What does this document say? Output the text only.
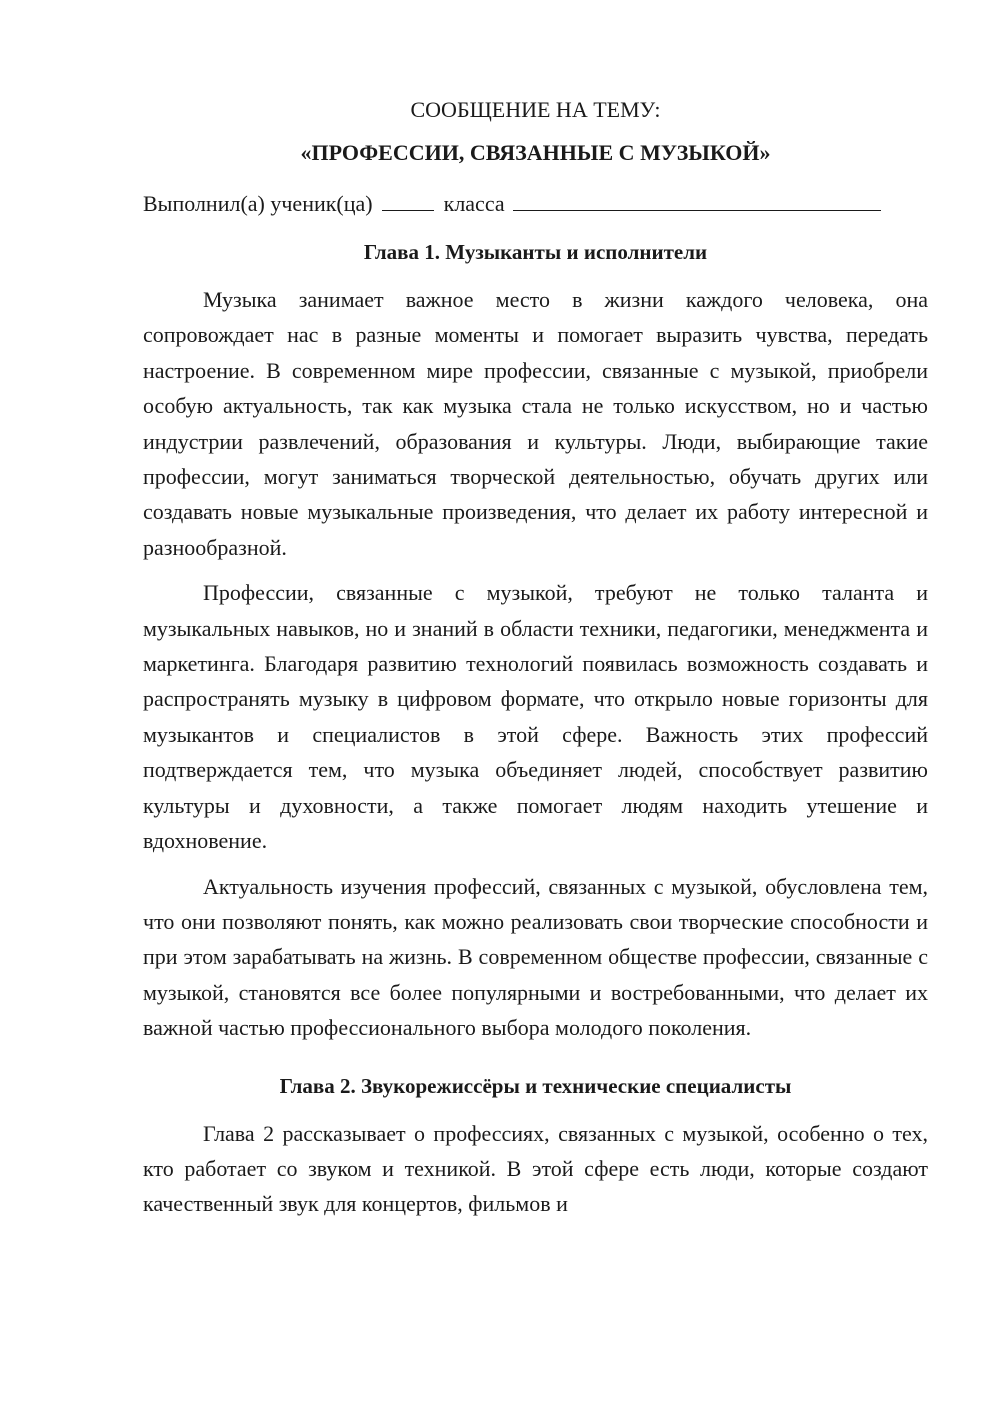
СООБЩЕНИЕ НА ТЕМУ:

«ПРОФЕССИИ, СВЯЗАННЫЕ С МУЗЫКОЙ»

Выполнил(а) ученик(ца)	класса

Глава 1. Музыканты и исполнители

Музыка занимает важное место в жизни каждого человека, она сопровождает нас в разные моменты и помогает выразить чувства, передать настроение. В современном мире профессии, связанные с музыкой, приобрели особую актуальность, так как музыка стала не только искусством, но и частью индустрии развлечений, образования и культуры. Люди, выбирающие такие профессии, могут заниматься творческой деятельностью, обучать других или создавать новые музыкальные произведения, что делает их работу интересной и разнообразной.

Профессии, связанные с музыкой, требуют не только таланта и музыкальных навыков, но и знаний в области техники, педагогики, менеджмента и маркетинга. Благодаря развитию технологий появилась возможность создавать и распространять музыку в цифровом формате, что открыло новые горизонты для музыкантов и специалистов в этой сфере. Важность этих профессий подтверждается тем, что музыка объединяет людей, способствует развитию культуры и духовности, а также помогает людям находить утешение и вдохновение.

Актуальность изучения профессий, связанных с музыкой, обусловлена тем, что они позволяют понять, как можно реализовать свои творческие способности и при этом зарабатывать на жизнь. В современном обществе профессии, связанные с музыкой, становятся все более популярными и востребованными, что делает их важной частью профессионального выбора молодого поколения.

Глава 2. Звукорежиссёры и технические специалисты

Глава 2 рассказывает о профессиях, связанных с музыкой, особенно о тех, кто работает со звуком и техникой. В этой сфере есть люди, которые создают качественный звук для концертов, фильмов и
